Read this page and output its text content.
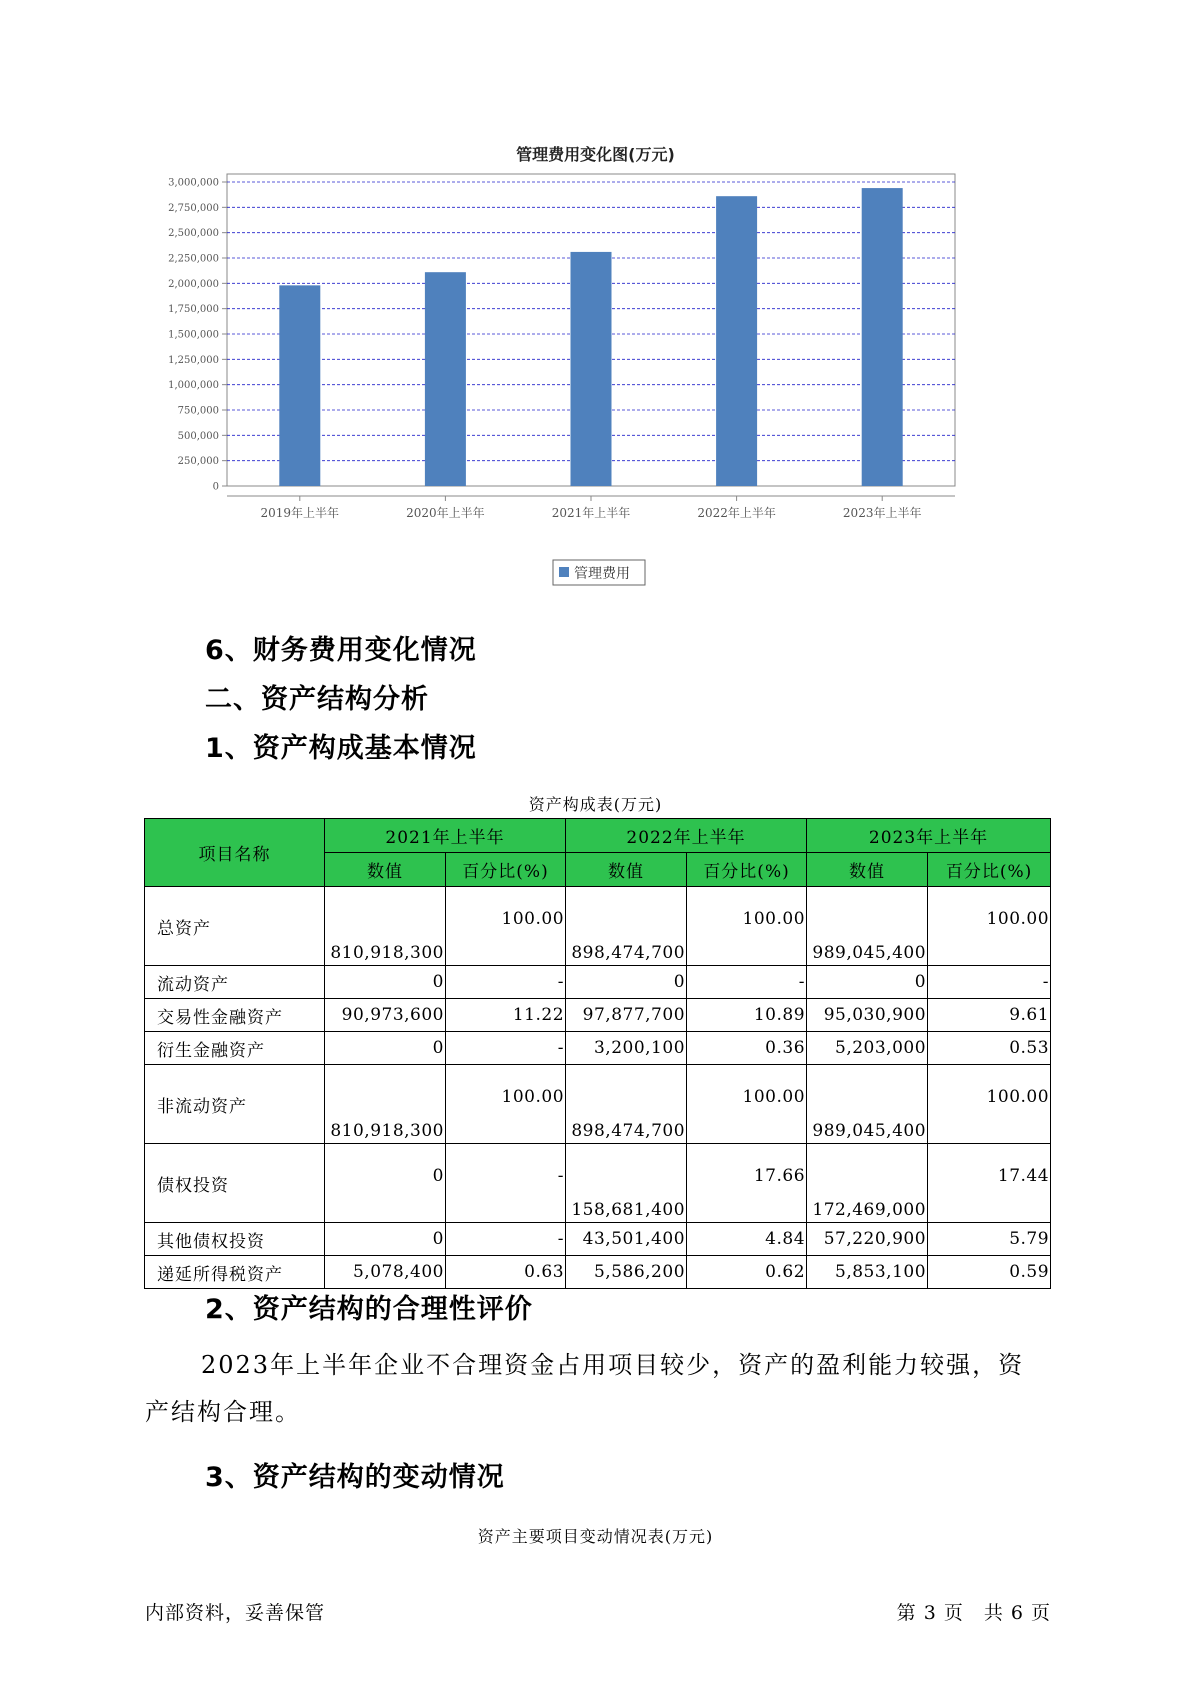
管理费用变化图(万元)
0
250,000
500,000
750,000
1,000,000
1,250,000
1,500,000
1,750,000
2,000,000
2,250,000
2,500,000
2,750,000
3,000,000
2019年上半年	2020年上半年	2021年上半年	2022年上半年	2023年上半年
管理费用
6、财务费用变化情况
二、资产结构分析
1、资产构成基本情况
资产构成表(万元)
项目名称	2021年上半年		2022年上半年		2023年上半年	
	数值	百分比(%)	数值	百分比(%)	数值	百分比(%)
总资产	810,918,300	100.00	898,474,700	100.00	989,045,400	100.00
流动资产	0	-	0	-	0	-
交易性金融资产	90,973,600	11.22	97,877,700	10.89	95,030,900	9.61
衍生金融资产	0	-	3,200,100	0.36	5,203,000	0.53
非流动资产	810,918,300	100.00	898,474,700	100.00	989,045,400	100.00
债权投资	0	-	158,681,400	17.66	172,469,000	17.44
其他债权投资	0	-	43,501,400	4.84	57,220,900	5.79
递延所得税资产	5,078,400	0.63	5,586,200	0.62	5,853,100	0.59
2、资产结构的合理性评价

2023年上半年企业不合理资金占用项目较少，资产的盈利能力较强，资产结构合理。

3、资产结构的变动情况
资产主要项目变动情况表(万元)
内部资料，妥善保管	第 3 页　共 6 页
